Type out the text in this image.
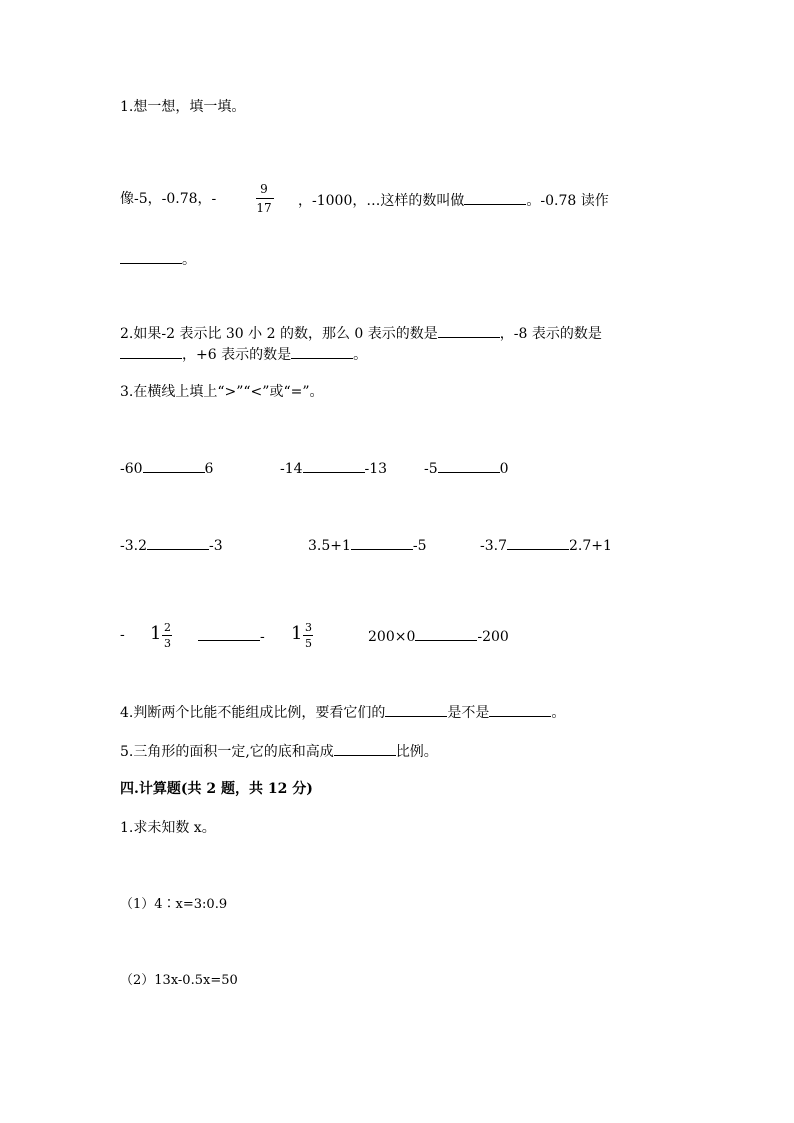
1.想一想，填一填。
像-5，-0.78，-
9
17 ，-1000，…这样的数叫做	。-0.78 读作
。
2.如果-2 表示比 30 小 2 的数，那么 0 表示的数是	，-8 表示的数是
，+6 表示的数是	。
3.在横线上填上“>”“<”或“=”。
-60	6	-14	-13	-5	0
-3.2	-3	3.5+1	-5	-3.7	2.7+1
- 1 2
3	- 1 3
5	200×0	-200
4.判断两个比能不能组成比例，要看它们的	是不是	。
5.三角形的面积一定,它的底和高成	比例。
四.计算题(共 2 题，共 12 分)
1.求未知数 x。
（1）4∶x=3:0.9
（2）13x-0.5x=50
